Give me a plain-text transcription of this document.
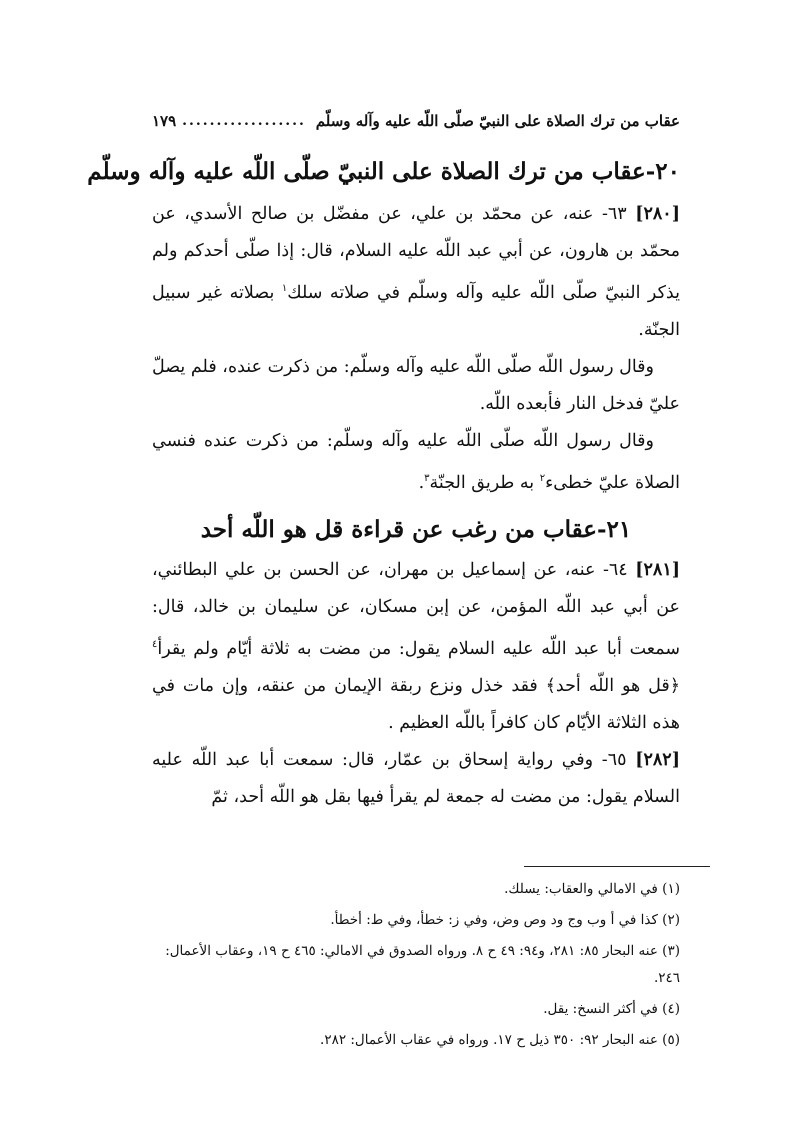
١٧٩ .................. عقاب من ترك الصلاة على النبيّ صلّى اللّه عليه وآله وسلّم
٢٠-عقاب من ترك الصلاة على النبيّ صلّى اللّه عليه وآله وسلّم

[٢٨٠] ٦٣- عنه، عن محمّد بن علي، عن مفضّل بن صالح الأسدي، عن محمّد بن هارون، عن أبي عبد اللّه عليه السلام، قال: إذا صلّى أحدكم ولم يذكر النبيّ صلّى اللّه عليه وآله وسلّم في صلاته سلك$^١$ بصلاته غير سبيل الجنّة.

وقال رسول اللّه صلّى اللّه عليه وآله وسلّم: من ذكرت عنده، فلم يصلّ عليّ فدخل النار فأبعده اللّه.

وقال رسول اللّه صلّى اللّه عليه وآله وسلّم: من ذكرت عنده فنسي الصلاة عليّ خطىء$^٢$ به طريق الجنّة$^٣$.

٢١-عقاب من رغب عن قراءة قل هو اللّه أحد

[٢٨١] ٦٤- عنه، عن إسماعيل بن مهران، عن الحسن بن علي البطائني، عن أبي عبد اللّه المؤمن، عن إبن مسكان، عن سليمان بن خالد، قال: سمعت أبا عبد اللّه عليه السلام يقول: من مضت به ثلاثة أيّام ولم يقرأ$^٤$ ﴿قل هو اللّه أحد﴾ فقد خذل ونزع ربقة الإيمان من عنقه، وإن مات في هذه الثلاثة الأيّام كان كافراً باللّه العظيم .

[٢٨٢] ٦٥- وفي رواية إسحاق بن عمّار، قال: سمعت أبا عبد اللّه عليه السلام يقول: من مضت له جمعة لم يقرأ فيها بقل هو اللّه أحد، ثمّ

(١) في الامالي والعقاب: يسلك.

(٢) كذا في أ وب وج ود وص وض، وفي ز: خطأ، وفي ط: أخطأ.

(٣) عنه البحار ٨٥: ٢٨١، و٩٤: ٤٩ ح ٨. ورواه الصدوق في الامالي: ٤٦٥ ح ١٩، وعقاب الأعمال: ٢٤٦.

(٤) في أكثر النسخ: يقل.

(٥) عنه البحار ٩٢: ٣٥٠ ذيل ح ١٧. ورواه في عقاب الأعمال: ٢٨٢.
